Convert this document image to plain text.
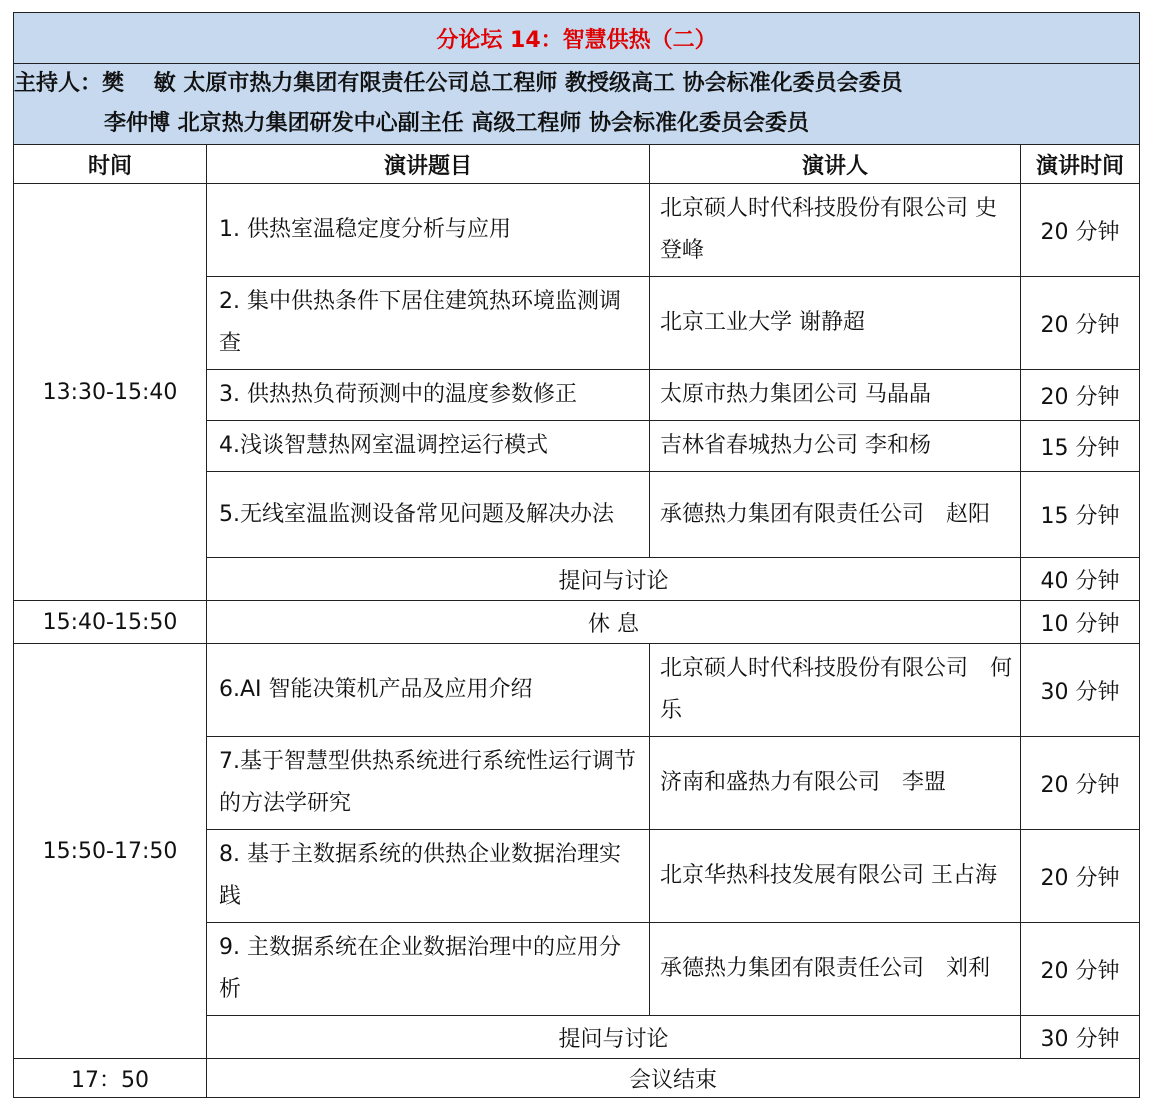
分论坛 14：智慧供热（二）			

主持人：樊　 敏 太原市热力集团有限责任公司总工程师 教授级高工 协会标准化委员会委员
李仲博 北京热力集团研发中心副主任 高级工程师 协会标准化委员会委员			

时间	演讲题目	演讲人	演讲时间
13:30-15:40	1. 供热室温稳定度分析与应用	北京硕人时代科技股份有限公司 史登峰	20 分钟
	2. 集中供热条件下居住建筑热环境监测调查	北京工业大学 谢静超	20 分钟
	3. 供热热负荷预测中的温度参数修正	太原市热力集团公司 马晶晶	20 分钟
	4.浅谈智慧热网室温调控运行模式	吉林省春城热力公司 李和杨	15 分钟
	5.无线室温监测设备常见问题及解决办法	承德热力集团有限责任公司　赵阳	15 分钟
	提问与讨论		40 分钟
15:40-15:50	休 息		10 分钟
15:50-17:50	6.AI 智能决策机产品及应用介绍	北京硕人时代科技股份有限公司　何乐	30 分钟
	7.基于智慧型供热系统进行系统性运行调节的方法学研究	济南和盛热力有限公司　李盟	20 分钟
	8. 基于主数据系统的供热企业数据治理实践	北京华热科技发展有限公司 王占海	20 分钟
	9. 主数据系统在企业数据治理中的应用分析	承德热力集团有限责任公司　刘利	20 分钟
	提问与讨论		30 分钟
17：50	会议结束		
